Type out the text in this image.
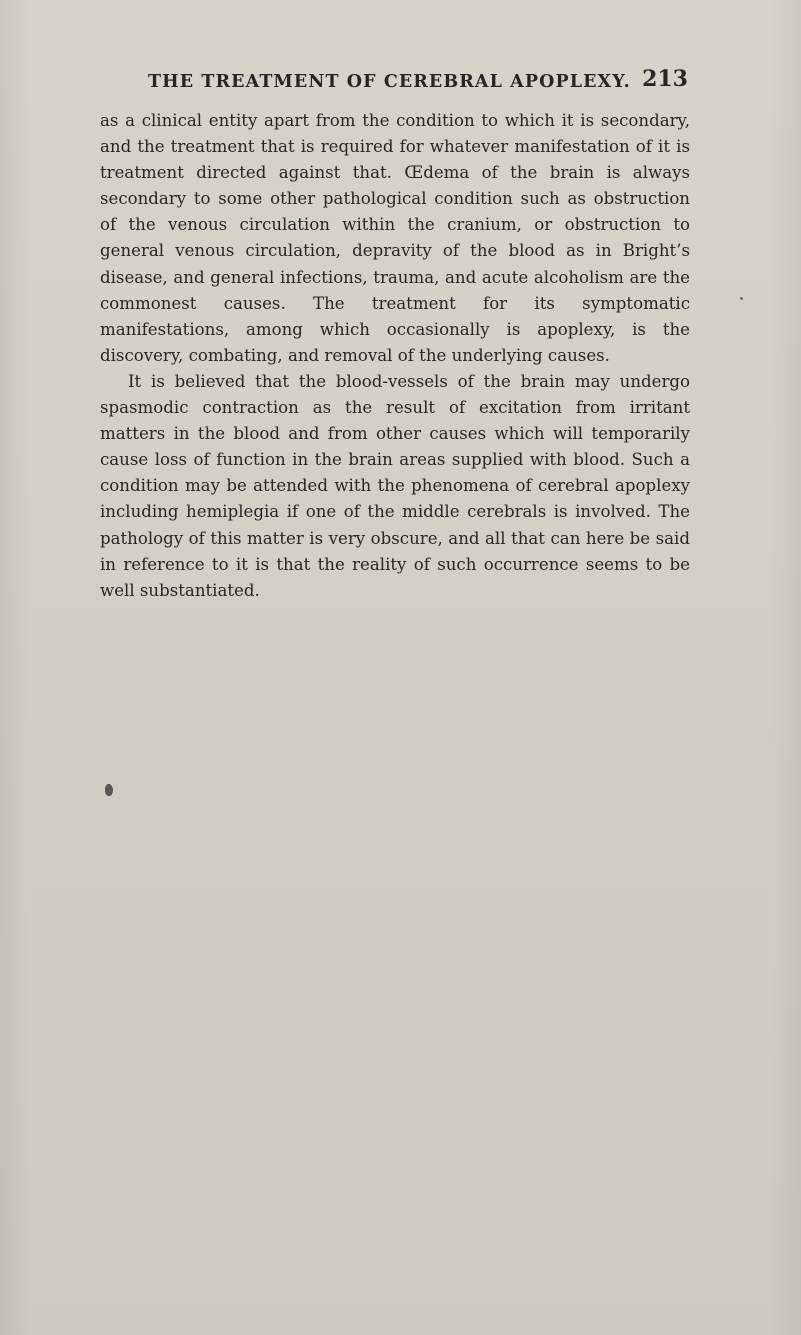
THE TREATMENT OF CEREBRAL APOPLEXY. 213

as a clinical entity apart from the condition to which it is secondary, and the treatment that is required for whatever manifestation of it is treatment directed against that. Œdema of the brain is always secondary to some other pathological condition such as obstruction of the venous circulation within the cranium, or obstruction to general venous circulation, depravity of the blood as in Bright’s disease, and general infections, trauma, and acute alcoholism are the commonest causes. The treatment for its symptomatic manifestations, among which occasionally is apoplexy, is the discovery, combating, and removal of the underlying causes.

It is believed that the blood-vessels of the brain may undergo spasmodic contraction as the result of excitation from irritant matters in the blood and from other causes which will temporarily cause loss of function in the brain areas supplied with blood. Such a condition may be attended with the phenomena of cerebral apoplexy including hemiplegia if one of the middle cerebrals is involved. The pathology of this matter is very obscure, and all that can here be said in reference to it is that the reality of such occurrence seems to be well substantiated.
